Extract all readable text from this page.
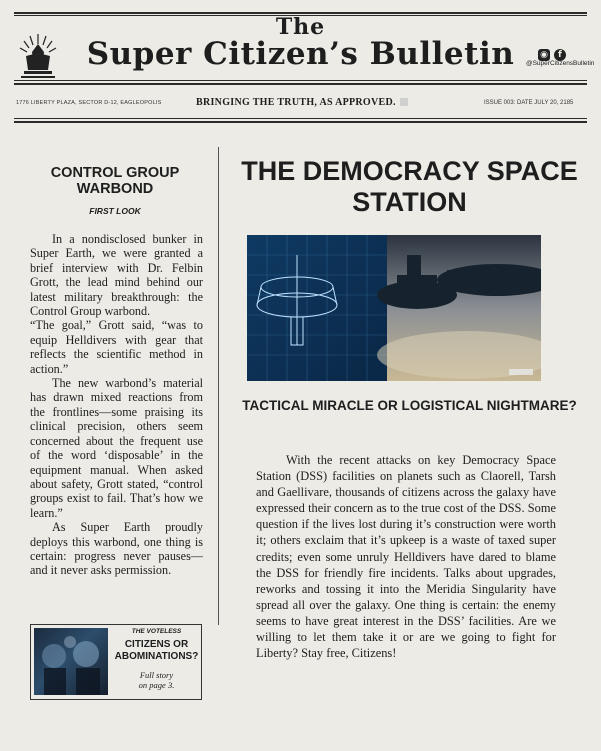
The
Super Citizen’s Bulletin	◉ f
@SuperCitizensBulletin
1776 LIBERTY PLAZA, SECTOR D-12, EAGLEOPOLIS	BRINGING THE TRUTH, AS APPROVED.	ISSUE 003: DATE JULY 20, 2185
CONTROL GROUP WARBOND
FIRST LOOK

In a nondisclosed bunker in Super Earth, we were granted a brief interview with Dr. Felbin Grott, the lead mind behind our latest military breakthrough: the Control Group warbond.

“The goal,” Grott said, “was to equip Helldivers with gear that reflects the scientific method in action.”

The new warbond’s material has drawn mixed reactions from the frontlines—some praising its clinical precision, others seem concerned about the frequent use of the word ‘disposable’ in the equipment manual. When asked about safety, Grott stated, “control groups exist to fail. That’s how we learn.”

As Super Earth proudly deploys this warbond, one thing is certain: progress never pauses—and it never asks permission.

THE VOTELESS
CITIZENS OR ABOMINATIONS?
Full story
on page 3.
THE DEMOCRACY SPACE STATION
TACTICAL MIRACLE OR LOGISTICAL NIGHTMARE?

With the recent attacks on key Democracy Space Station (DSS) facilities on planets such as Claorell, Tarsh and Gaellivare, thousands of citizens across the galaxy have expressed their concern as to the true cost of the DSS. Some question if the lives lost during it’s construction were worth it; others exclaim that it’s upkeep is a waste of taxed super credits; even some unruly Helldivers have dared to blame the DSS for friendly fire incidents. Talks about upgrades, reworks and tossing it into the Meridia Singularity have spread all over the galaxy. One thing is certain: the enemy seems to have great interest in the DSS’ facilities. Are we willing to let them take it or are we going to fight for Liberty? Stay free, Citizens!
